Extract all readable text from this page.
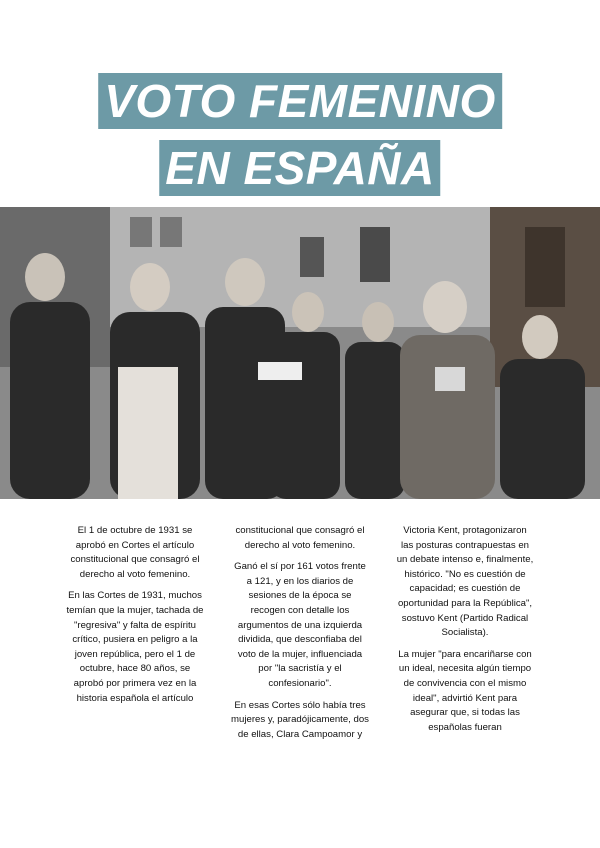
VOTO FEMENINO
EN ESPAÑA

El 1 de octubre de 1931 se aprobó en Cortes el artículo constitucional que consagró el derecho al voto femenino.

En las Cortes de 1931, muchos temían que la mujer, tachada de "regresiva" y falta de espíritu crítico, pusiera en peligro a la joven república, pero el 1 de octubre, hace 80 años, se aprobó por primera vez en la historia española el artículo

constitucional que consagró el derecho al voto femenino.

Ganó el sí por 161 votos frente a 121, y en los diarios de sesiones de la época se recogen con detalle los argumentos de una izquierda dividida, que desconfiaba del voto de la mujer, influenciada por "la sacristía y el confesionario".

En esas Cortes sólo había tres mujeres y, paradójicamente, dos de ellas, Clara Campoamor y

Victoria Kent, protagonizaron las posturas contrapuestas en un debate intenso e, finalmente, histórico. "No es cuestión de capacidad; es cuestión de oportunidad para la República", sostuvo Kent (Partido Radical Socialista).

La mujer "para encariñarse con un ideal, necesita algún tiempo de convivencia con el mismo ideal", advirtió Kent para asegurar que, si todas las españolas fueran
